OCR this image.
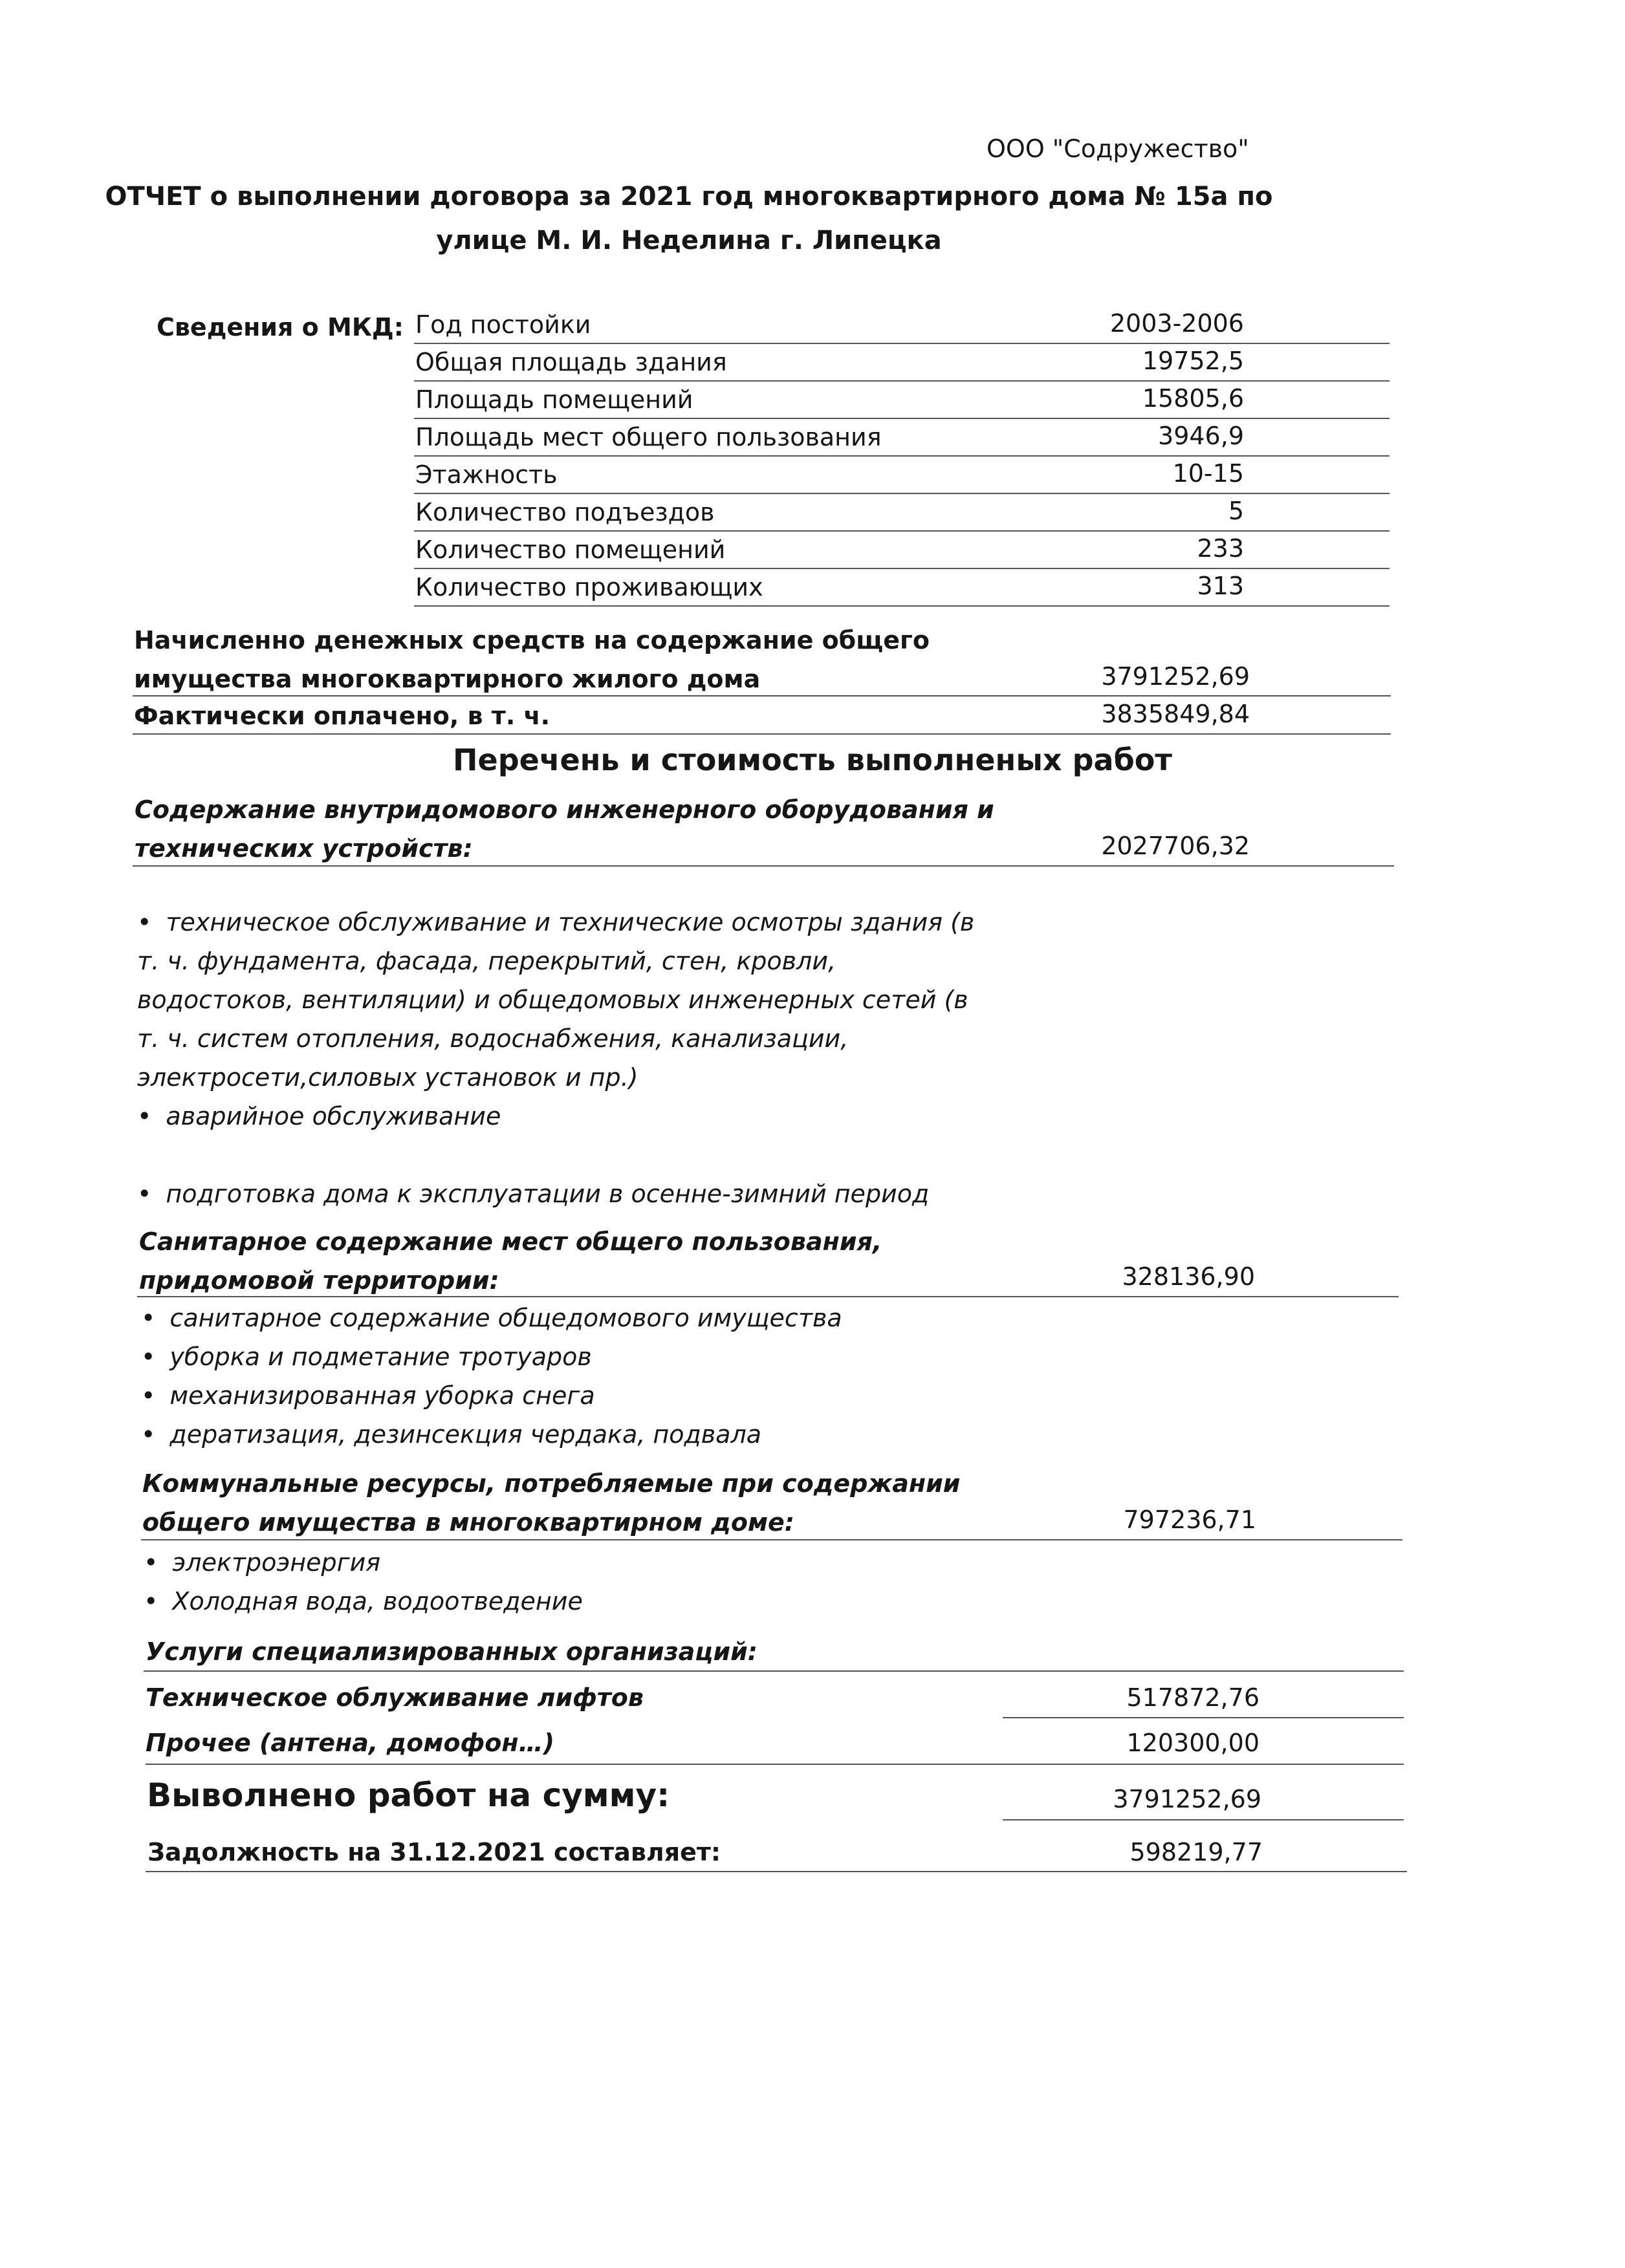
ООО "Содружество"
ОТЧЕТ о выполнении договора за 2021 год многоквартирного дома № 15а по
улице М. И. Неделина г. Липецка
Сведения о МКД: Год постойки	2003-2006
Общая площадь здания	19752,5
Площадь помещений	15805,6
Площадь мест общего пользования	3946,9
Этажность	10-15
Количество подъездов	5
Количество помещений	233
Количество проживающих	313
Начисленно денежных средств на содержание общего
имущества многоквартирного жилого дома	3791252,69
Фактически оплачено, в т. ч.	3835849,84
Перечень и стоимость выполненых работ
Содержание внутридомового инженерного оборудования и
технических устройств:	2027706,32
• техническое обслуживание и технические осмотры здания (в
т. ч. фундамента, фасада, перекрытий, стен, кровли,
водостоков, вентиляции) и общедомовых инженерных сетей (в
т. ч. систем отопления, водоснабжения, канализации,
электросети,силовых установок и пр.)
• аварийное обслуживание
• подготовка дома к эксплуатации в осенне-зимний период
Санитарное содержание мест общего пользования,
придомовой территории:	328136,90
• санитарное содержание общедомового имущества
• уборка и подметание тротуаров
• механизированная уборка снега
• дератизация, дезинсекция чердака, подвала
Коммунальные ресурсы, потребляемые при содержании
общего имущества в многоквартирном доме:	797236,71
• электроэнергия
• Холодная вода, водоотведение
Услуги специализированных организаций:
Техническое облуживание лифтов	517872,76
Прочее (антена, домофон…)	120300,00
Выволнено работ на сумму:	3791252,69
Задолжность на 31.12.2021 составляет:	598219,77
